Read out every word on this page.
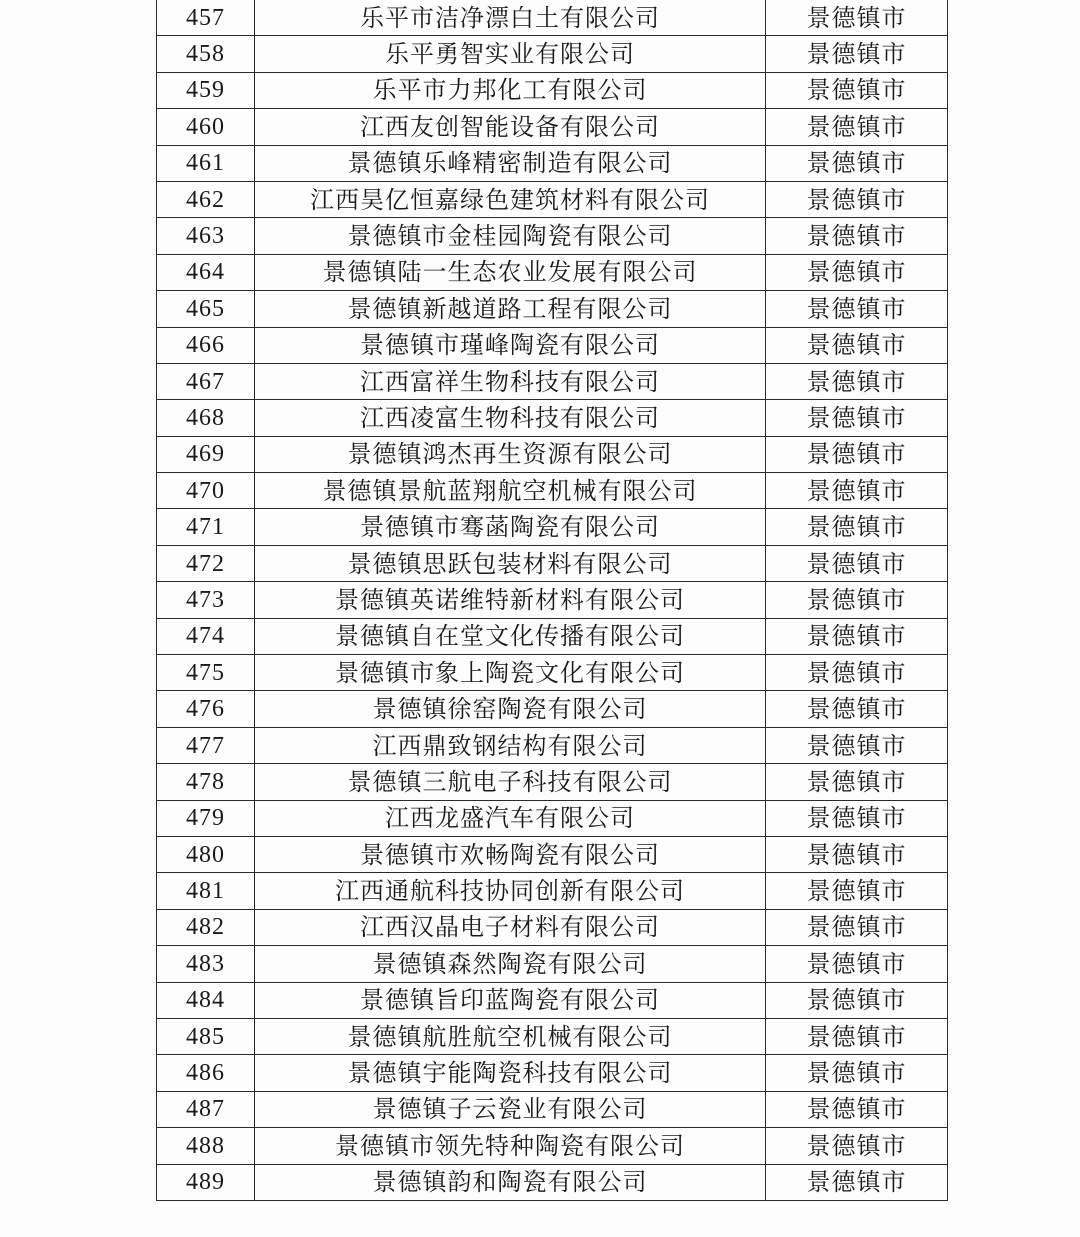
457	乐平市洁净漂白土有限公司	景德镇市
458	乐平勇智实业有限公司	景德镇市
459	乐平市力邦化工有限公司	景德镇市
460	江西友创智能设备有限公司	景德镇市
461	景德镇乐峰精密制造有限公司	景德镇市
462	江西昊亿恒嘉绿色建筑材料有限公司	景德镇市
463	景德镇市金桂园陶瓷有限公司	景德镇市
464	景德镇陆一生态农业发展有限公司	景德镇市
465	景德镇新越道路工程有限公司	景德镇市
466	景德镇市瑾峰陶瓷有限公司	景德镇市
467	江西富祥生物科技有限公司	景德镇市
468	江西凌富生物科技有限公司	景德镇市
469	景德镇鸿杰再生资源有限公司	景德镇市
470	景德镇景航蓝翔航空机械有限公司	景德镇市
471	景德镇市骞菡陶瓷有限公司	景德镇市
472	景德镇思跃包装材料有限公司	景德镇市
473	景德镇英诺维特新材料有限公司	景德镇市
474	景德镇自在堂文化传播有限公司	景德镇市
475	景德镇市象上陶瓷文化有限公司	景德镇市
476	景德镇徐窑陶瓷有限公司	景德镇市
477	江西鼎致钢结构有限公司	景德镇市
478	景德镇三航电子科技有限公司	景德镇市
479	江西龙盛汽车有限公司	景德镇市
480	景德镇市欢畅陶瓷有限公司	景德镇市
481	江西通航科技协同创新有限公司	景德镇市
482	江西汉晶电子材料有限公司	景德镇市
483	景德镇森然陶瓷有限公司	景德镇市
484	景德镇旨印蓝陶瓷有限公司	景德镇市
485	景德镇航胜航空机械有限公司	景德镇市
486	景德镇宇能陶瓷科技有限公司	景德镇市
487	景德镇子云瓷业有限公司	景德镇市
488	景德镇市领先特种陶瓷有限公司	景德镇市
489	景德镇韵和陶瓷有限公司	景德镇市
